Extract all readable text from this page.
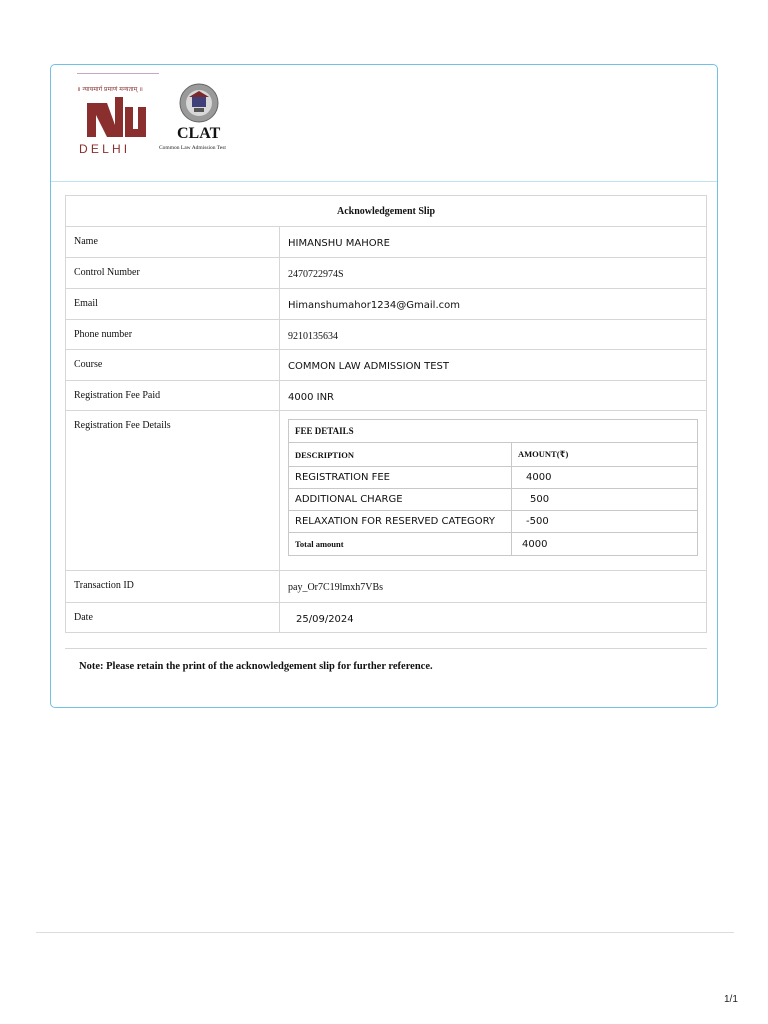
॥ न्यायमार्ग प्रमाणं मन्यताम् ॥
DELHI
CLAT
Common Law Admission Test
Acknowledgement Slip
Name	HIMANSHU MAHORE
Control Number	2470722974S
Email	Himanshumahor1234@Gmail.com
Phone number	9210135634
Course	COMMON LAW ADMISSION TEST
Registration Fee Paid	4000 INR
Registration Fee Details		FEE DETAILS
DESCRIPTION	AMOUNT(₹)
REGISTRATION FEE	4000
ADDITIONAL CHARGE	500
RELAXATION FOR RESERVED CATEGORY	-500
Total amount	4000

Transaction ID	pay_Or7C19lmxh7VBs
Date	25/09/2024
Note: Please retain the print of the acknowledgement slip for further reference.
1/1
